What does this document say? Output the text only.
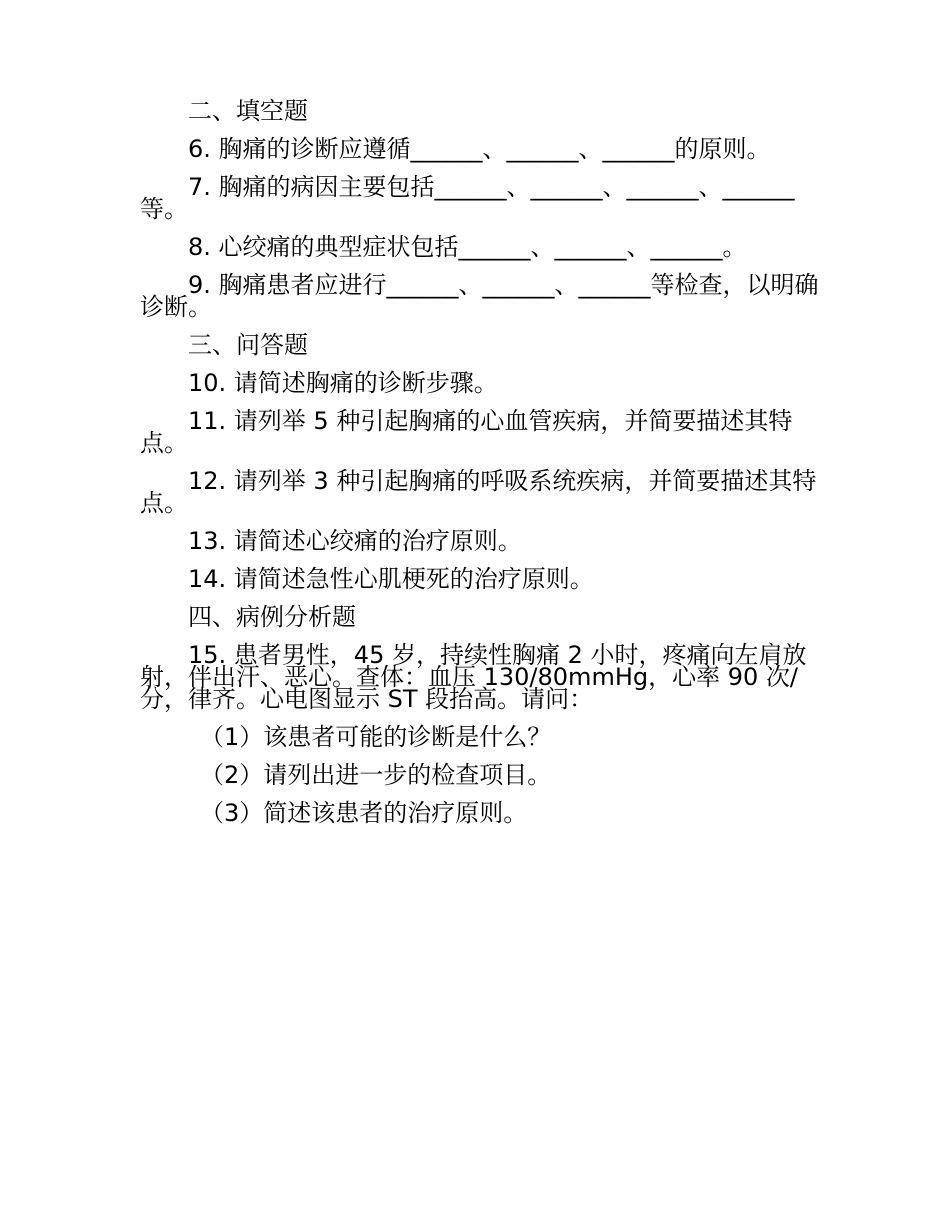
二、填空题

6. 胸痛的诊断应遵循______、______、______的原则。

7. 胸痛的病因主要包括______、______、______、______等。

8. 心绞痛的典型症状包括______、______、______。

9. 胸痛患者应进行______、______、______等检查，以明确诊断。

三、问答题

10. 请简述胸痛的诊断步骤。

11. 请列举 5 种引起胸痛的心血管疾病，并简要描述其特点。

12. 请列举 3 种引起胸痛的呼吸系统疾病，并简要描述其特点。

13. 请简述心绞痛的治疗原则。

14. 请简述急性心肌梗死的治疗原则。

四、病例分析题

15. 患者男性，45 岁，持续性胸痛 2 小时，疼痛向左肩放射，伴出汗、恶心。查体：血压 130/80mmHg，心率 90 次/分，律齐。心电图显示 ST 段抬高。请问：

（1）该患者可能的诊断是什么？

（2）请列出进一步的检查项目。

（3）简述该患者的治疗原则。
